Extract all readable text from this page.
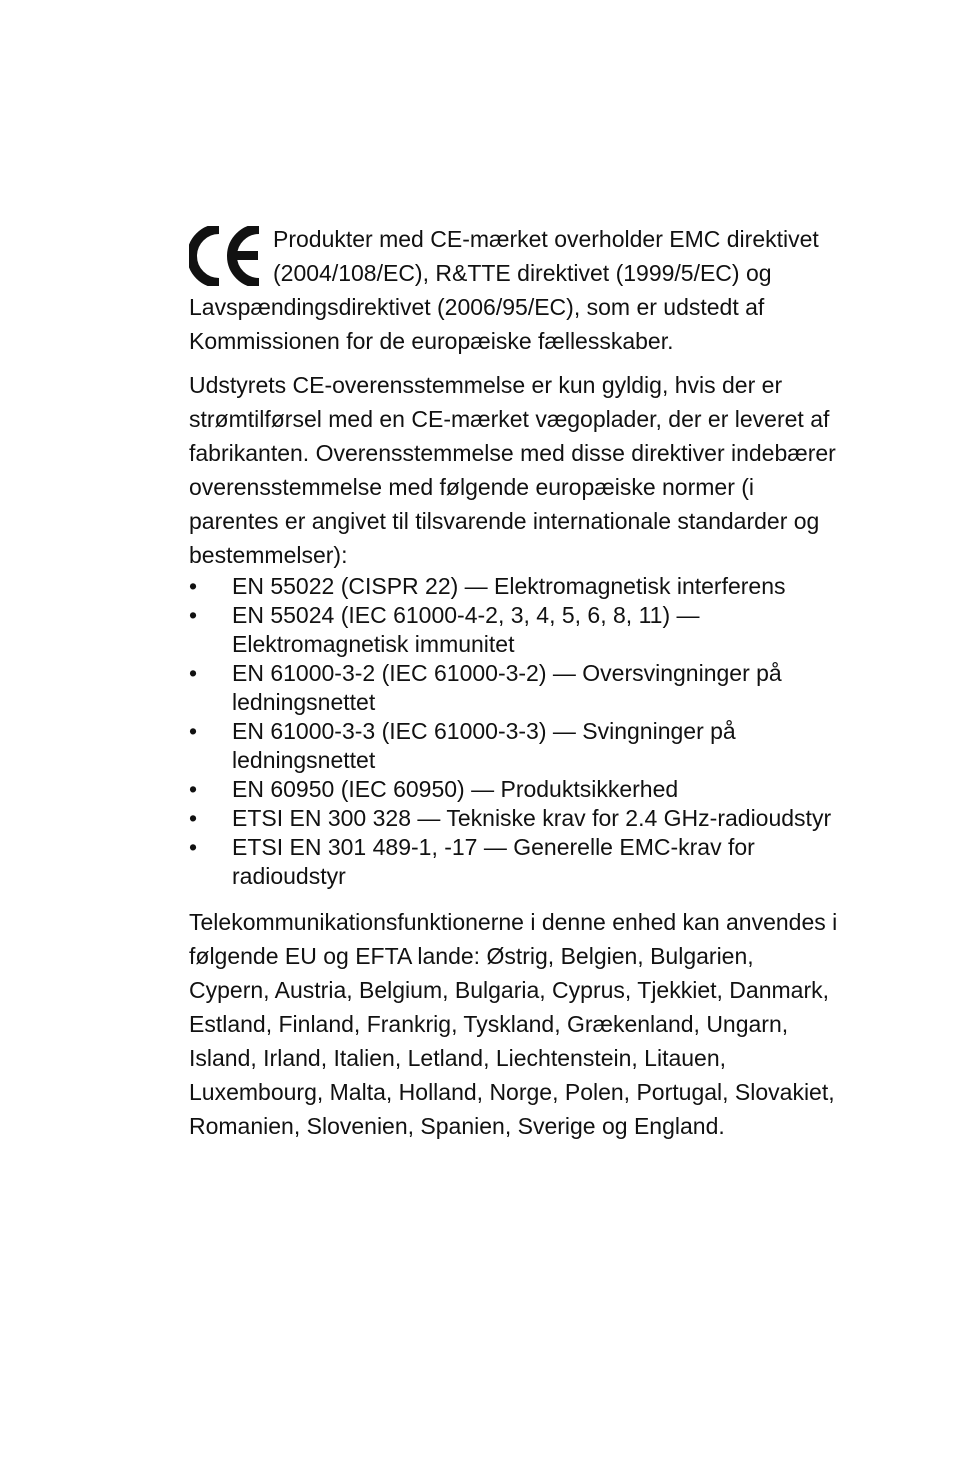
Produkter med CE-mærket overholder EMC direktivet (2004/108/EC), R&TTE direktivet (1999/5/EC) og Lavspændingsdirektivet (2006/95/EC), som er udstedt af Kommissionen for de europæiske fællesskaber.

Udstyrets CE-overensstemmelse er kun gyldig, hvis der er strømtilførsel med en CE-mærket vægoplader, der er leveret af fabrikanten. Overensstemmelse med disse direktiver indebærer overensstemmelse med følgende europæiske normer (i parentes er angivet til tilsvarende internationale standarder og bestemmelser):

• EN 55022 (CISPR 22) — Elektromagnetisk interferens
• EN 55024 (IEC 61000-4-2, 3, 4, 5, 6, 8, 11) — Elektromagnetisk immunitet
• EN 61000-3-2 (IEC 61000-3-2) — Oversvingninger på ledningsnettet
• EN 61000-3-3 (IEC 61000-3-3) — Svingninger på ledningsnettet
• EN 60950 (IEC 60950) — Produktsikkerhed
• ETSI EN 300 328 — Tekniske krav for 2.4 GHz-radioudstyr
• ETSI EN 301 489-1, -17 — Generelle EMC-krav for radioudstyr

Telekommunikationsfunktionerne i denne enhed kan anvendes i følgende EU og EFTA lande: Østrig, Belgien, Bulgarien, Cypern, Austria, Belgium, Bulgaria, Cyprus, Tjekkiet, Danmark, Estland, Finland, Frankrig, Tyskland, Grækenland, Ungarn, Island, Irland, Italien, Letland, Liechtenstein, Litauen, Luxembourg, Malta, Holland, Norge, Polen, Portugal, Slovakiet, Romanien, Slovenien, Spanien, Sverige og England.
